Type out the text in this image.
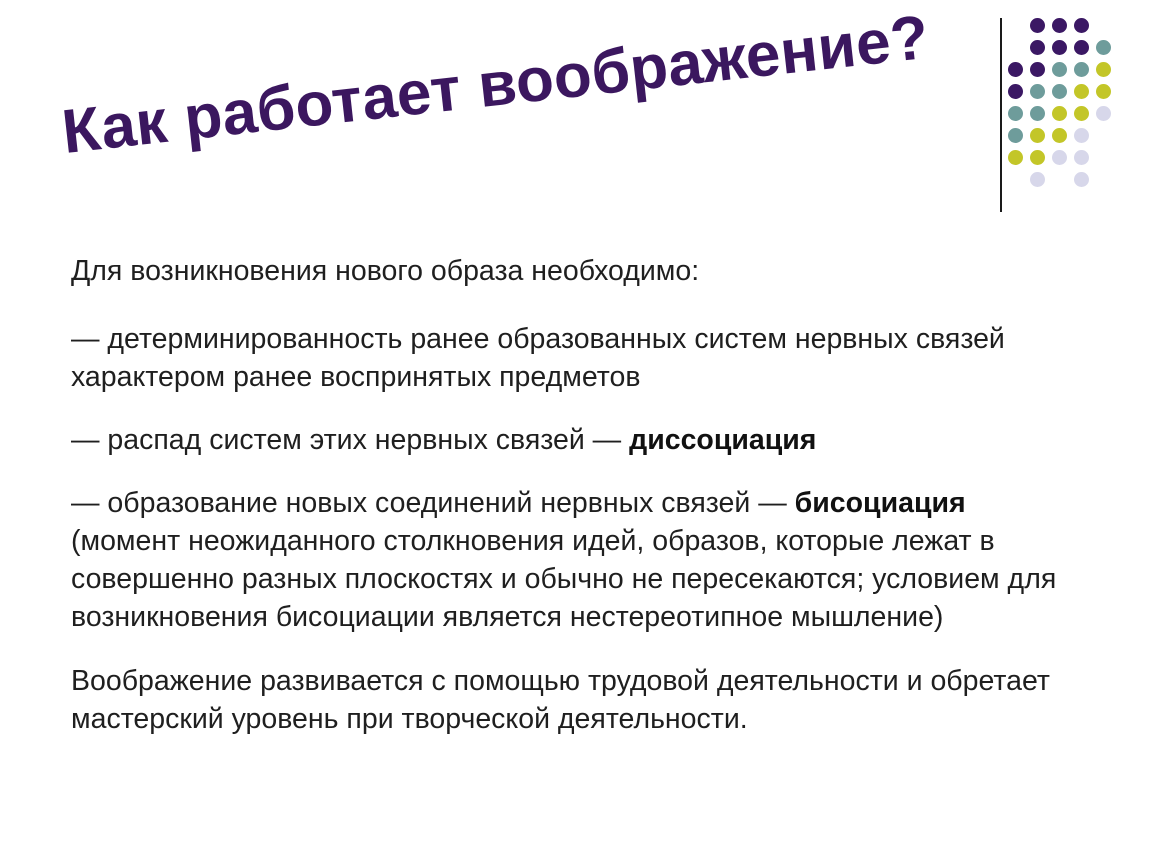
Как работает воображение?

Для возникновения нового образа необходимо:

— детерминированность ранее образованных систем нервных связей характером ранее воспринятых предметов

— распад систем этих нервных связей — диссоциация

— образование новых соединений нервных связей — бисоциация (момент неожиданного столкновения идей, образов, которые лежат в совершенно разных плоскостях и обычно не пересекаются; условием для возникновения бисоциации является нестереотипное мышление)

Воображение развивается с помощью трудовой деятельности и обретает мастерский уровень при творческой деятельности.
